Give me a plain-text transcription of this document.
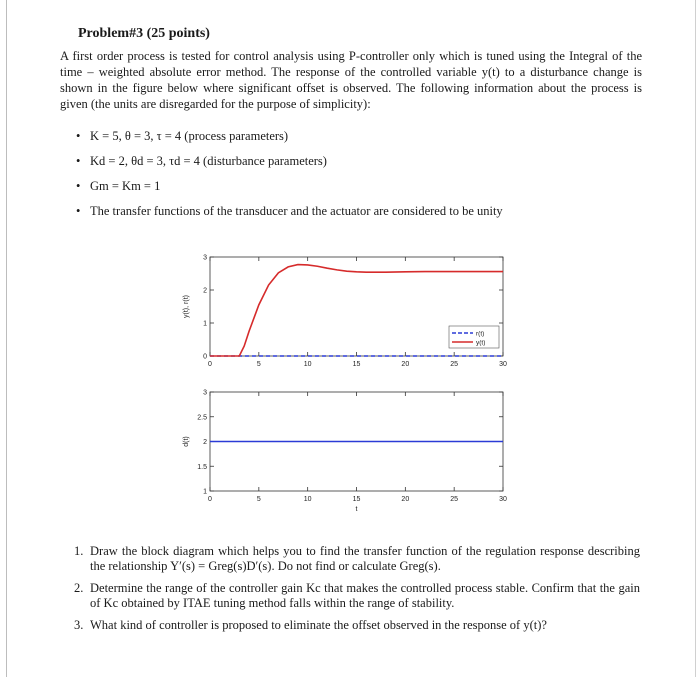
Problem#3 (25 points)

A first order process is tested for control analysis using P-controller only which is tuned using the Integral of the time – weighted absolute error method. The response of the controlled variable y(t) to a disturbance change is shown in the figure below where significant offset is observed. The following information about the process is given (the units are disregarded for the purpose of simplicity):

• K = 5, θ = 3, τ = 4 (process parameters)
• Kd = 2, θd = 3, τd = 4 (disturbance parameters)
• Gm = Km = 1
• The transfer functions of the transducer and the actuator are considered to be unity
0	5	10	15	20	25	30
0
1
2
3
y(t), r(t)
r(t)
y(t)
0	5	10	15	20	25	30
1
1.5
2
2.5
3
d(t)
t
1. Draw the block diagram which helps you to find the transfer function of the regulation response describing the relationship Y′(s) = Greg(s)D′(s). Do not find or calculate Greg(s).
2. Determine the range of the controller gain Kc that makes the controlled process stable. Confirm that the gain of Kc obtained by ITAE tuning method falls within the range of stability.
3. What kind of controller is proposed to eliminate the offset observed in the response of y(t)?
